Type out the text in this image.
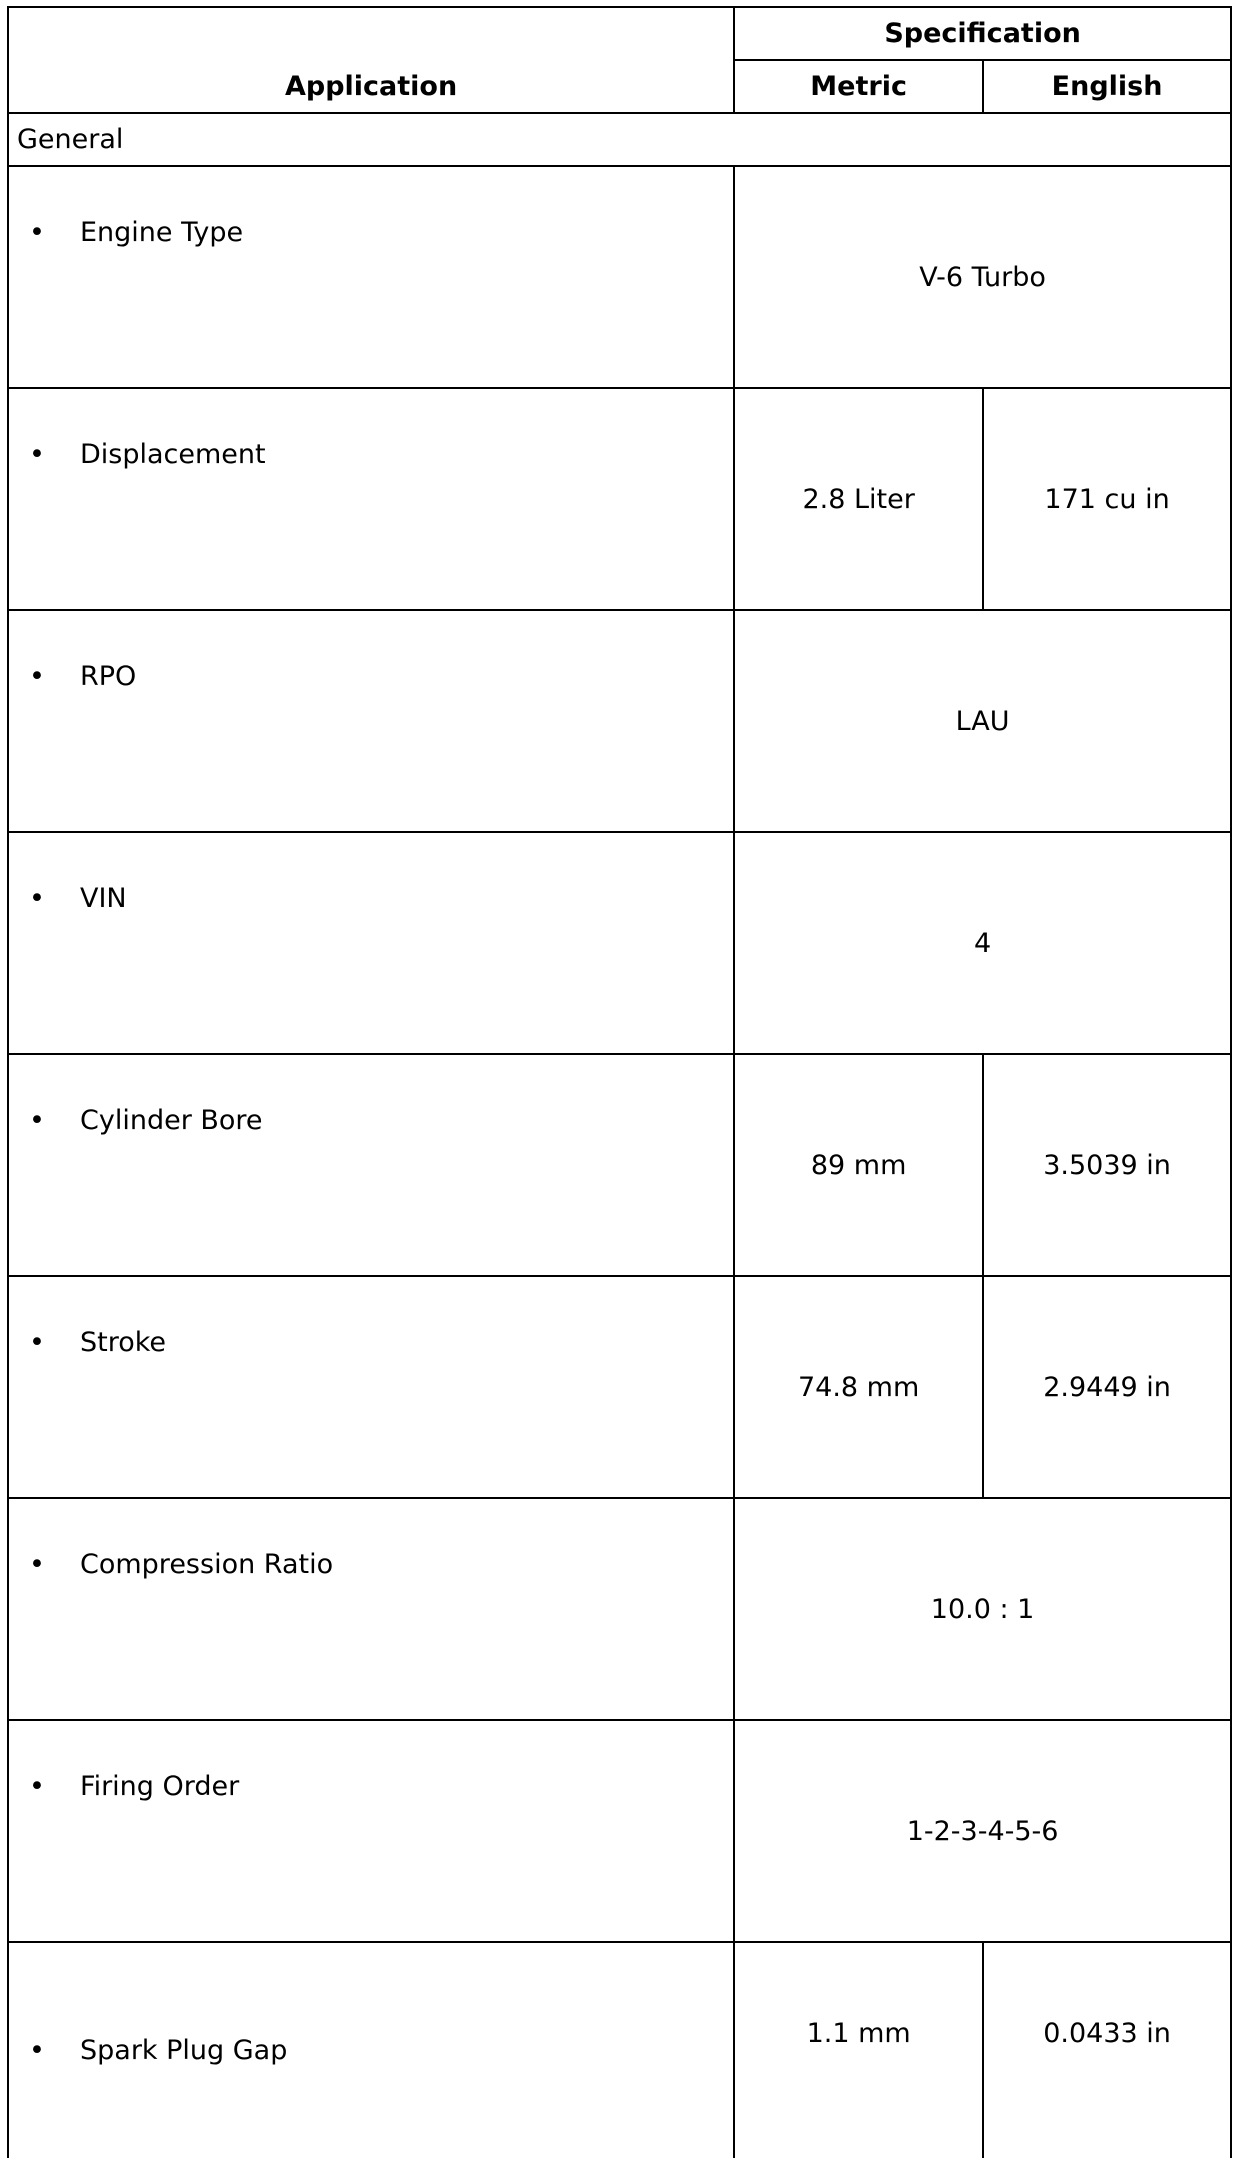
Application	Specification	
	Metric	English
General		

• Engine Type	V-6 Turbo	

• Displacement	2.8 Liter	171 cu in

• RPO	LAU	

• VIN	4	

• Cylinder Bore	89 mm	3.5039 in

• Stroke	74.8 mm	2.9449 in

• Compression Ratio	10.0 : 1	

• Firing Order	1-2-3-4-5-6	

• Spark Plug Gap	1.1 mm	0.0433 in
